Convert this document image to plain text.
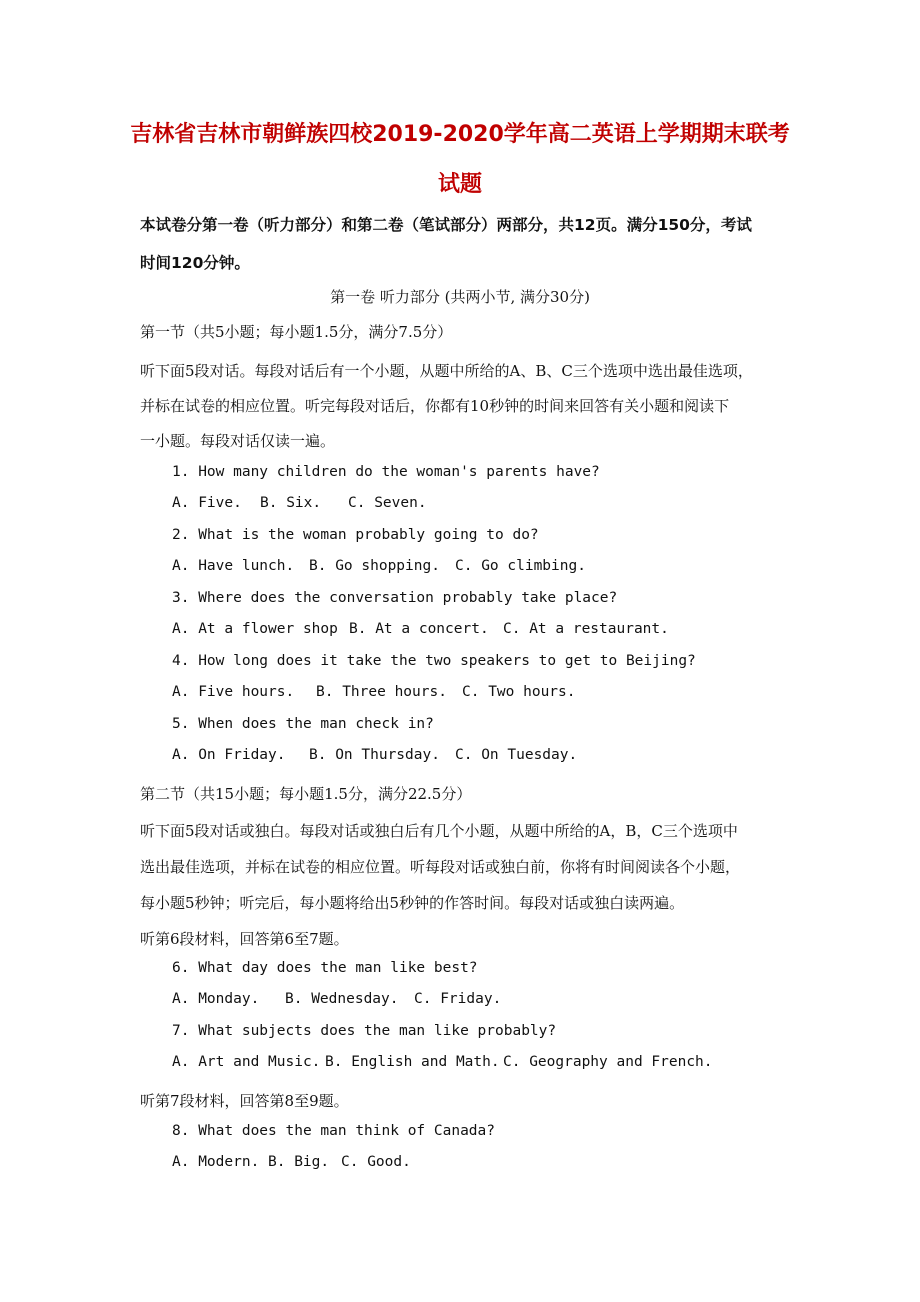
吉林省吉林市朝鲜族四校2019-2020学年高二英语上学期期末联考
试题
本试卷分第一卷（听力部分）和第二卷（笔试部分）两部分，共12页。满分150分，考试
时间120分钟。
第一卷 听力部分 (共两小节, 满分30分)
第一节（共5小题；每小题1.5分，满分7.5分）
听下面5段对话。每段对话后有一个小题，从题中所给的A、B、C三个选项中选出最佳选项，
并标在试卷的相应位置。听完每段对话后，你都有10秒钟的时间来回答有关小题和阅读下
一小题。每段对话仅读一遍。
1. How many children do the woman's parents have?
A. Five. B. Six. C. Seven.
2. What is the woman probably going to do?
A. Have lunch. B. Go shopping. C. Go climbing.
3. Where does the conversation probably take place?
A. At a flower shop B. At a concert. C. At a restaurant.
4. How long does it take the two speakers to get to Beijing?
A. Five hours. B. Three hours. C. Two hours.
5. When does the man check in?
A. On Friday. B. On Thursday. C. On Tuesday.
第二节（共15小题；每小题1.5分，满分22.5分）
听下面5段对话或独白。每段对话或独白后有几个小题，从题中所给的A，B，C三个选项中
选出最佳选项，并标在试卷的相应位置。听每段对话或独白前，你将有时间阅读各个小题，
每小题5秒钟；听完后，每小题将给出5秒钟的作答时间。每段对话或独白读两遍。
听第6段材料，回答第6至7题。
6. What day does the man like best?
A. Monday. B. Wednesday. C. Friday.
7. What subjects does the man like probably?
A. Art and Music. B. English and Math. C. Geography and French.
听第7段材料，回答第8至9题。
8. What does the man think of Canada?
A. Modern. B. Big. C. Good.
